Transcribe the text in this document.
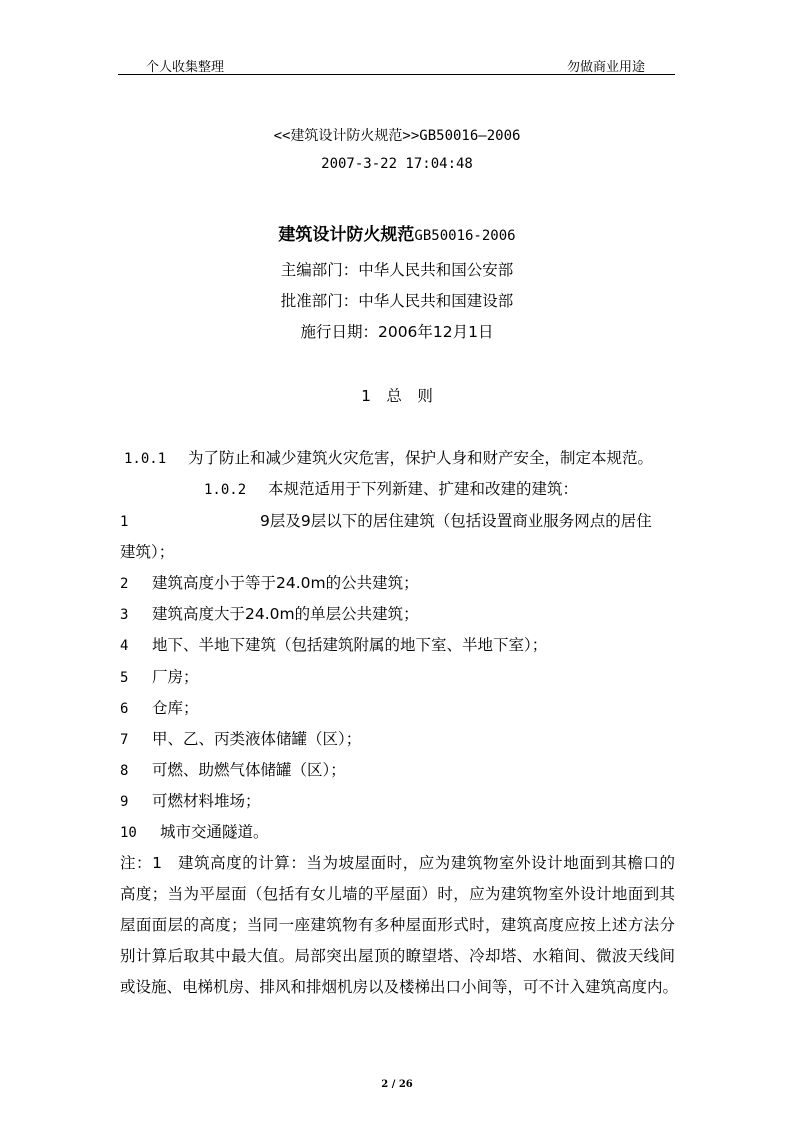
个人收集整理	勿做商业用途
<<建筑设计防火规范>>GB50016—2006
2007-3-22 17:04:48
建筑设计防火规范GB50016-2006
主编部门：中华人民共和国公安部
批准部门：中华人民共和国建设部
施行日期：2006年12月1日
1　总　则
1.0.1 为了防止和减少建筑火灾危害，保护人身和财产安全，制定本规范。
1.0.2 本规范适用于下列新建、扩建和改建的建筑：
1	9层及9层以下的居住建筑（包括设置商业服务网点的居住
建筑）；
2 建筑高度小于等于24.0m的公共建筑；
3 建筑高度大于24.0m的单层公共建筑；
4 地下、半地下建筑（包括建筑附属的地下室、半地下室）；
5 厂房；
6 仓库；
7 甲、乙、丙类液体储罐（区）；
8 可燃、助燃气体储罐（区）；
9 可燃材料堆场；
10 城市交通隧道。
注：1  建筑高度的计算：当为坡屋面时，应为建筑物室外设计地面到其檐口的
高度；当为平屋面（包括有女儿墙的平屋面）时，应为建筑物室外设计地面到其
屋面面层的高度；当同一座建筑物有多种屋面形式时，建筑高度应按上述方法分
别计算后取其中最大值。局部突出屋顶的瞭望塔、冷却塔、水箱间、微波天线间
或设施、电梯机房、排风和排烟机房以及楼梯出口小间等，可不计入建筑高度内。
2 / 26
